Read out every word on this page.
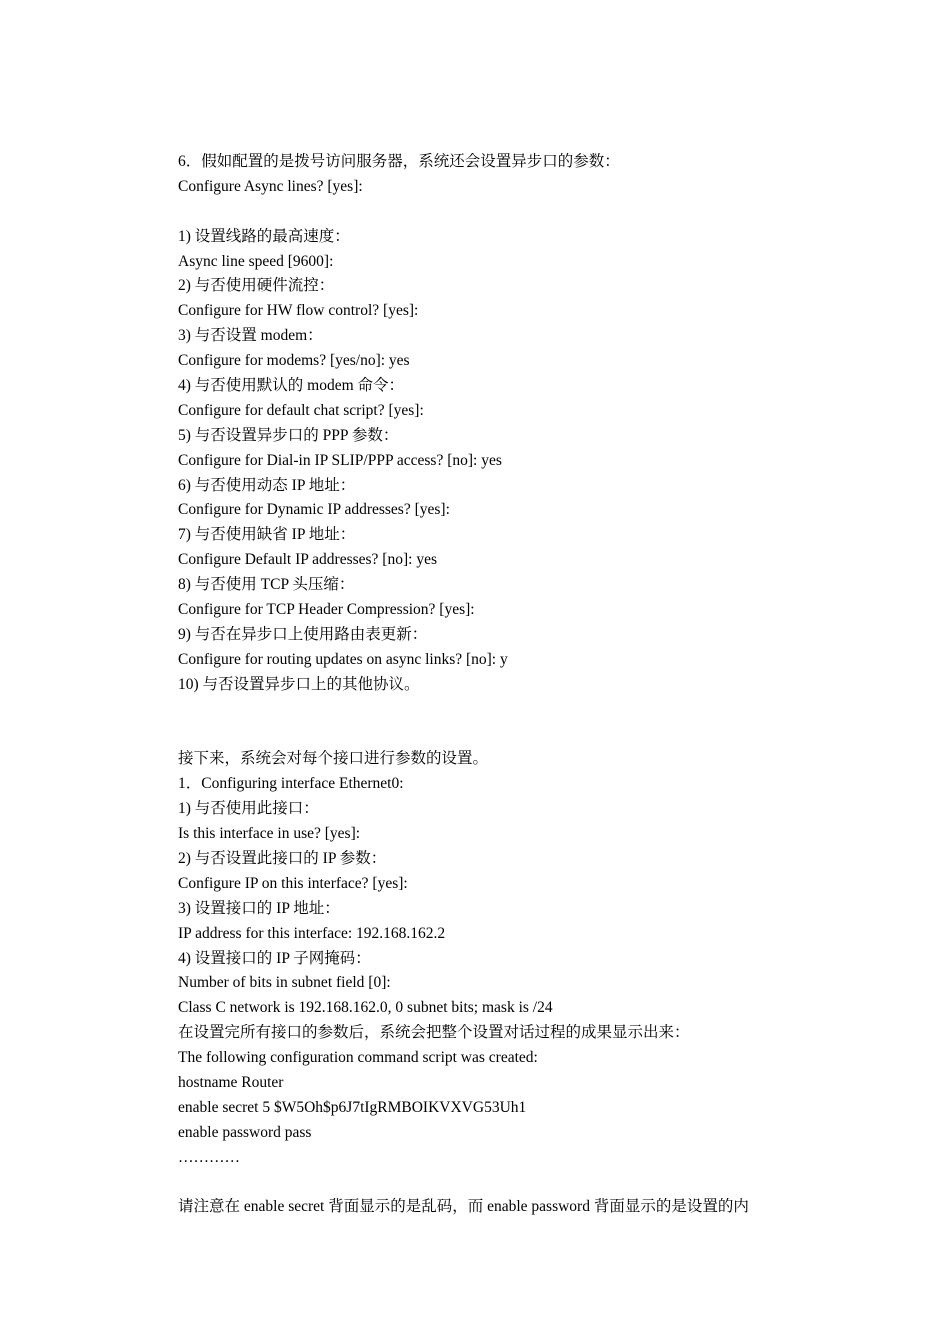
6．假如配置的是拨号访问服务器，系统还会设置异步口的参数：
Configure Async lines? [yes]:
1) 设置线路的最高速度：
Async line speed [9600]:
2) 与否使用硬件流控：
Configure for HW flow control? [yes]:
3) 与否设置 modem：
Configure for modems? [yes/no]: yes
4) 与否使用默认的 modem 命令：
Configure for default chat script? [yes]:
5) 与否设置异步口的 PPP 参数：
Configure for Dial-in IP SLIP/PPP access? [no]: yes
6) 与否使用动态 IP 地址：
Configure for Dynamic IP addresses? [yes]:
7) 与否使用缺省 IP 地址：
Configure Default IP addresses? [no]: yes
8) 与否使用 TCP 头压缩：
Configure for TCP Header Compression? [yes]:
9) 与否在异步口上使用路由表更新：
Configure for routing updates on async links? [no]: y
10) 与否设置异步口上的其他协议。
接下来，系统会对每个接口进行参数的设置。
1．Configuring interface Ethernet0:
1) 与否使用此接口：
Is this interface in use? [yes]:
2) 与否设置此接口的 IP 参数：
Configure IP on this interface? [yes]:
3) 设置接口的 IP 地址：
IP address for this interface: 192.168.162.2
4) 设置接口的 IP 子网掩码：
Number of bits in subnet field [0]:
Class C network is 192.168.162.0, 0 subnet bits; mask is /24
在设置完所有接口的参数后，系统会把整个设置对话过程的成果显示出来：
The following configuration command script was created:
hostname Router
enable secret 5 $W5Oh$p6J7tIgRMBOIKVXVG53Uh1
enable password pass
…………
请注意在 enable secret 背面显示的是乱码，而 enable password 背面显示的是设置的内
